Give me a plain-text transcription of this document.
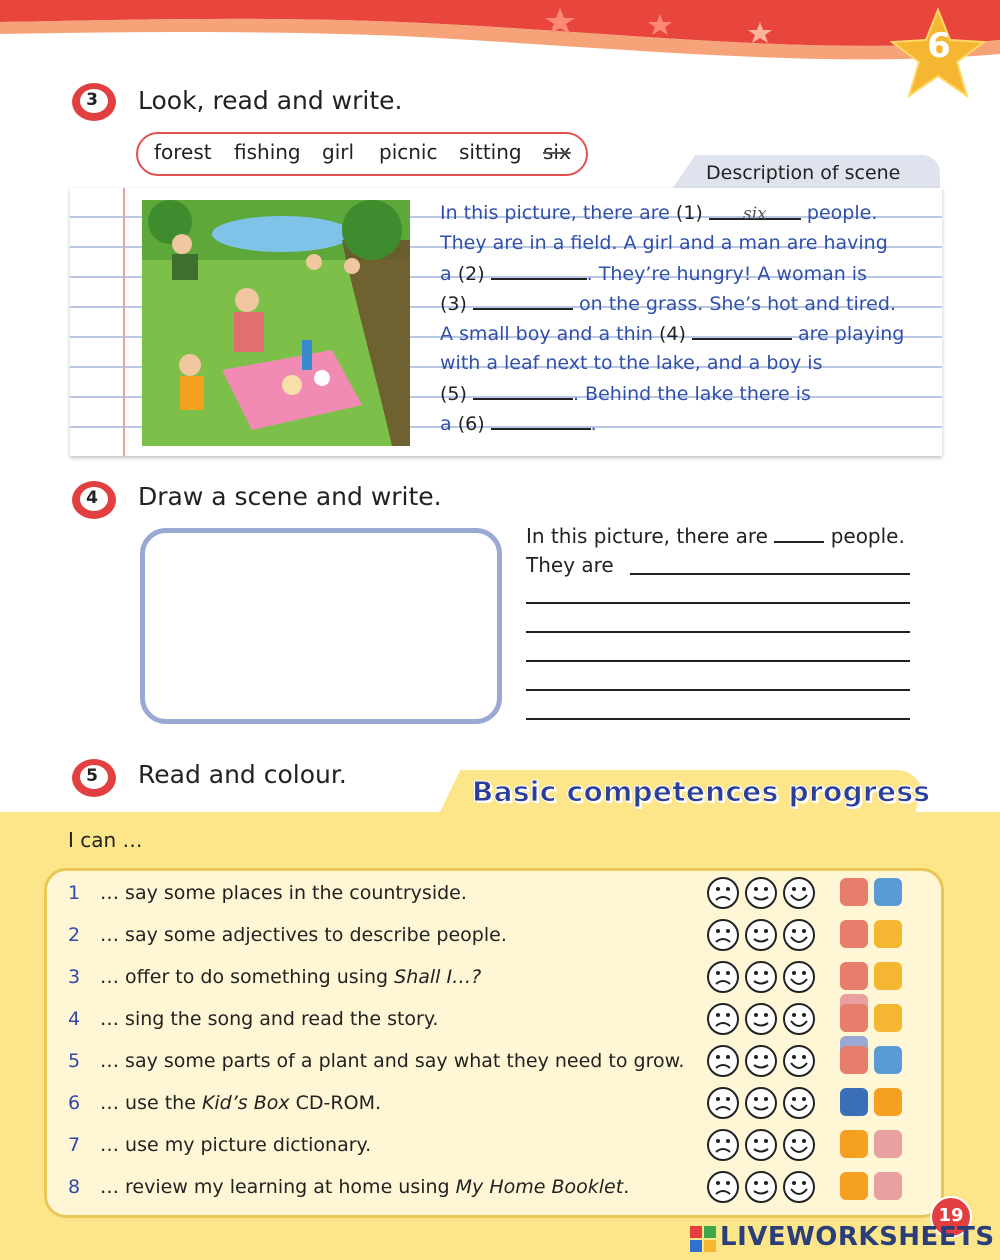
6
3	Look, read and write.
forest fishing girl picnic sitting six
Description of scene
In this picture, there are (1) six people.
They are in a field. A girl and a man are having
a (2)	. They’re hungry! A woman is
(3)	on the grass. She’s hot and tired.
A small boy and a thin (4)	are playing
with a leaf next to the lake, and a boy is
(5)	. Behind the lake there is
a (6)	.
4	Draw a scene and write.
In this picture, there are	people.
They are
Basic competences progress
5	Read and colour.
I can …
1 … say some places in the countryside.
2 … say some adjectives to describe people.
3 … offer to do something using Shall I…?
4 … sing the song and read the story.
5 … say some parts of a plant and say what they need to grow.
6 … use the Kid’s Box CD-ROM.
7 … use my picture dictionary.
8 … review my learning at home using My Home Booklet.
19
LIVEWORKSHEETS
